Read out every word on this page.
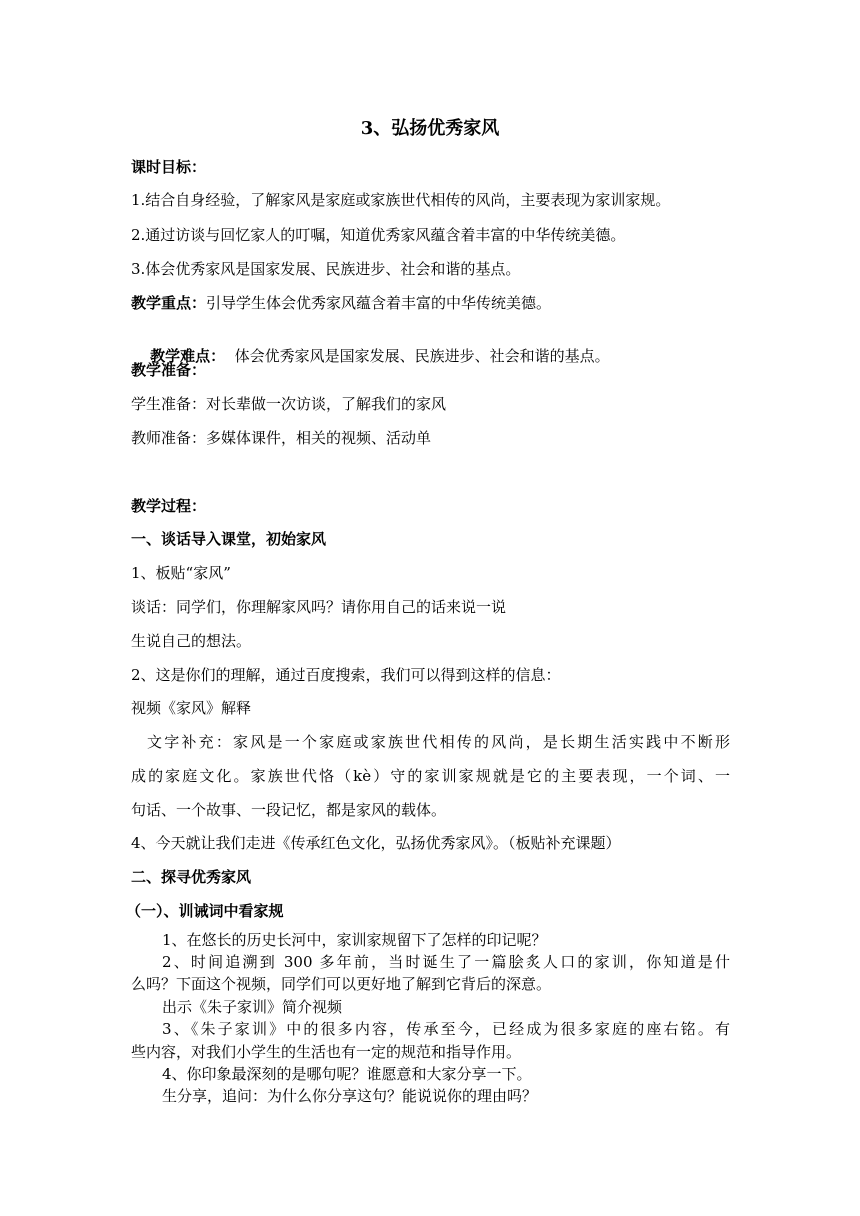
3、弘扬优秀家风
课时目标：
1.结合自身经验，了解家风是家庭或家族世代相传的风尚，主要表现为家训家规。
2.通过访谈与回忆家人的叮嘱，知道优秀家风蕴含着丰富的中华传统美德。
3.体会优秀家风是国家发展、民族进步、社会和谐的基点。
教学重点：引导学生体会优秀家风蕴含着丰富的中华传统美德。

教学难点：  体会优秀家风是国家发展、民族进步、社会和谐的基点。

教学准备：
学生准备：对长辈做一次访谈，了解我们的家风
教师准备：多媒体课件，相关的视频、活动单
教学过程：
一、谈话导入课堂，初始家风
1、板贴“家风”
谈话：同学们，你理解家风吗？请你用自己的话来说一说
生说自己的想法。
2、这是你们的理解，通过百度搜索，我们可以得到这样的信息：
视频《家风》解释
文字补充：家风是一个家庭或家族世代相传的风尚，是长期生活实践中不断形
成的家庭文化。家族世代恪（kè）守的家训家规就是它的主要表现，一个词、一
句话、一个故事、一段记忆，都是家风的载体。
4、今天就让我们走进《传承红色文化，弘扬优秀家风》。（板贴补充课题）
二、探寻优秀家风
（一）、训诫词中看家规
1、在悠长的历史长河中，家训家规留下了怎样的印记呢？
2、时间追溯到 300 多年前，当时诞生了一篇脍炙人口的家训，你知道是什
么吗？下面这个视频，同学们可以更好地了解到它背后的深意。
出示《朱子家训》简介视频
3、《朱子家训》中的很多内容，传承至今，已经成为很多家庭的座右铭。有
些内容，对我们小学生的生活也有一定的规范和指导作用。
4、你印象最深刻的是哪句呢？谁愿意和大家分享一下。
生分享，追问：为什么你分享这句？能说说你的理由吗？
